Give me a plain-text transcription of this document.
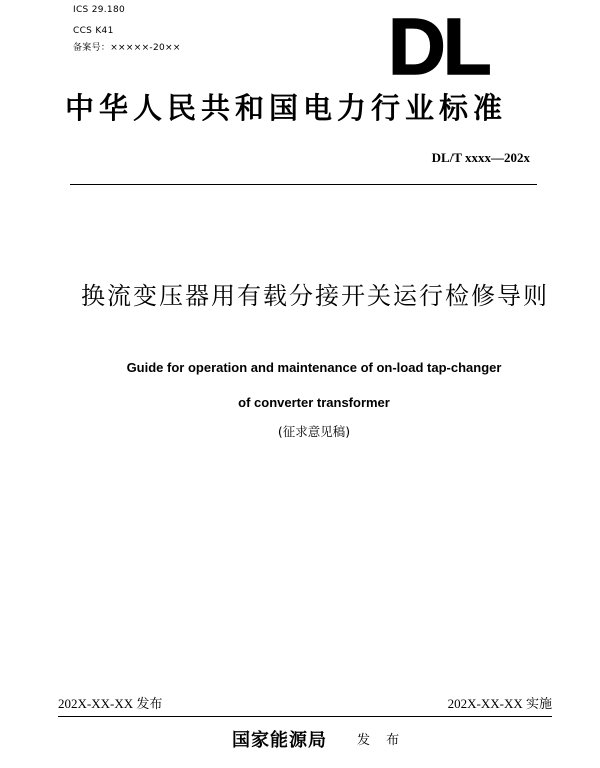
ICS 29.180
CCS K41
备案号：×××××-20××	DL
中华人民共和国电力行业标准
DL/T xxxx—202x
换流变压器用有载分接开关运行检修导则
Guide for operation and maintenance of on-load tap-changer
of converter transformer
(征求意见稿)
202X-XX-XX 发布	202X-XX-XX 实施
国家能源局 发 布
